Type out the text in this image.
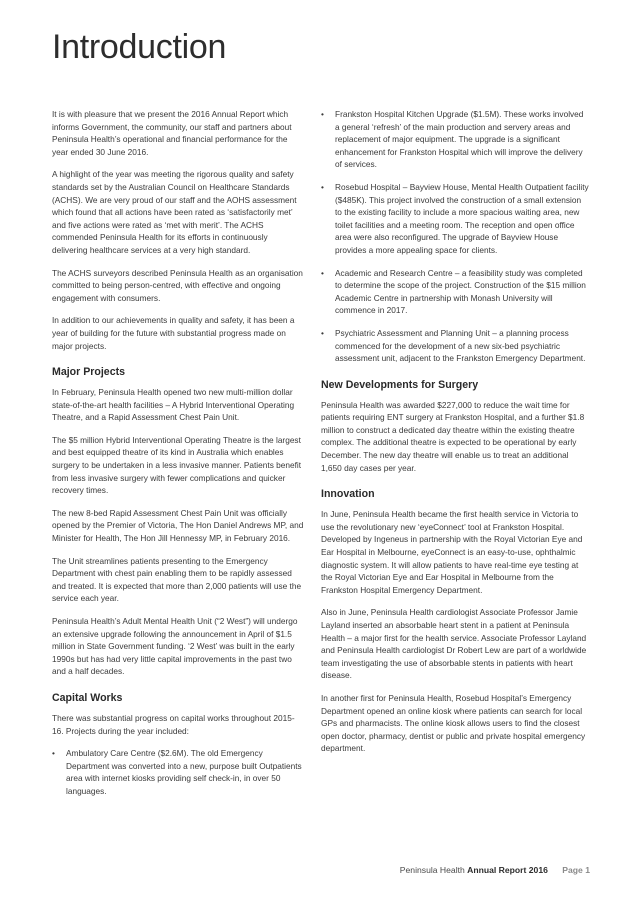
Introduction

It is with pleasure that we present the 2016 Annual Report which informs Government, the community, our staff and partners about Peninsula Health’s operational and financial performance for the year ended 30 June 2016.

A highlight of the year was meeting the rigorous quality and safety standards set by the Australian Council on Healthcare Standards (ACHS). We are very proud of our staff and the AOHS assessment which found that all actions have been rated as ‘satisfactorily met’ and five actions were rated as ‘met with merit’. The ACHS commended Peninsula Health for its efforts in continuously delivering healthcare services at a very high standard.

The ACHS surveyors described Peninsula Health as an organisation committed to being person-centred, with effective and ongoing engagement with consumers.

In addition to our achievements in quality and safety, it has been a year of building for the future with substantial progress made on major projects.

Major Projects

In February, Peninsula Health opened two new multi-million dollar state-of-the-art health facilities – A Hybrid Interventional Operating Theatre, and a Rapid Assessment Chest Pain Unit.

The $5 million Hybrid Interventional Operating Theatre is the largest and best equipped theatre of its kind in Australia which enables surgery to be undertaken in a less invasive manner. Patients benefit from less invasive surgery with fewer complications and quicker recovery times.

The new 8-bed Rapid Assessment Chest Pain Unit was officially opened by the Premier of Victoria, The Hon Daniel Andrews MP, and Minister for Health, The Hon Jill Hennessy MP, in February 2016.

The Unit streamlines patients presenting to the Emergency Department with chest pain enabling them to be rapidly assessed and treated. It is expected that more than 2,000 patients will use the service each year.

Peninsula Health’s Adult Mental Health Unit (“2 West”) will undergo an extensive upgrade following the announcement in April of $1.5 million in State Government funding. ‘2 West’ was built in the early 1990s but has had very little capital improvements in the past two and a half decades.

Capital Works

There was substantial progress on capital works throughout 2015-16. Projects during the year included:

• Ambulatory Care Centre ($2.6M). The old Emergency Department was converted into a new, purpose built Outpatients area with internet kiosks providing self check-in, in over 50 languages.
• Frankston Hospital Kitchen Upgrade ($1.5M). These works involved a general ‘refresh’ of the main production and servery areas and replacement of major equipment. The upgrade is a significant enhancement for Frankston Hospital which will improve the delivery of services.
• Rosebud Hospital – Bayview House, Mental Health Outpatient facility ($485K). This project involved the construction of a small extension to the existing facility to include a more spacious waiting area, new toilet facilities and a meeting room. The reception and open office area were also reconfigured. The upgrade of Bayview House provides a more appealing space for clients.
• Academic and Research Centre – a feasibility study was completed to determine the scope of the project. Construction of the $15 million Academic Centre in partnership with Monash University will commence in 2017.
• Psychiatric Assessment and Planning Unit – a planning process commenced for the development of a new six-bed psychiatric assessment unit, adjacent to the Frankston Emergency Department.
New Developments for Surgery

Peninsula Health was awarded $227,000 to reduce the wait time for patients requiring ENT surgery at Frankston Hospital, and a further $1.8 million to construct a dedicated day theatre within the existing theatre complex. The additional theatre is expected to be operational by early December. The new day theatre will enable us to treat an additional 1,650 day cases per year.

Innovation

In June, Peninsula Health became the first health service in Victoria to use the revolutionary new ‘eyeConnect’ tool at Frankston Hospital. Developed by Ingeneus in partnership with the Royal Victorian Eye and Ear Hospital in Melbourne, eyeConnect is an easy-to-use, ophthalmic diagnostic system. It will allow patients to have real-time eye testing at the Royal Victorian Eye and Ear Hospital in Melbourne from the Frankston Hospital Emergency Department.

Also in June, Peninsula Health cardiologist Associate Professor Jamie Layland inserted an absorbable heart stent in a patient at Peninsula Health – a major first for the health service. Associate Professor Layland and Peninsula Health cardiologist Dr Robert Lew are part of a worldwide team investigating the use of absorbable stents in patients with heart disease.

In another first for Peninsula Health, Rosebud Hospital’s Emergency Department opened an online kiosk where patients can search for local GPs and pharmacists. The online kiosk allows users to find the closest open doctor, pharmacy, dentist or public and private hospital emergency department.

Peninsula Health Annual Report 2016 Page 1
